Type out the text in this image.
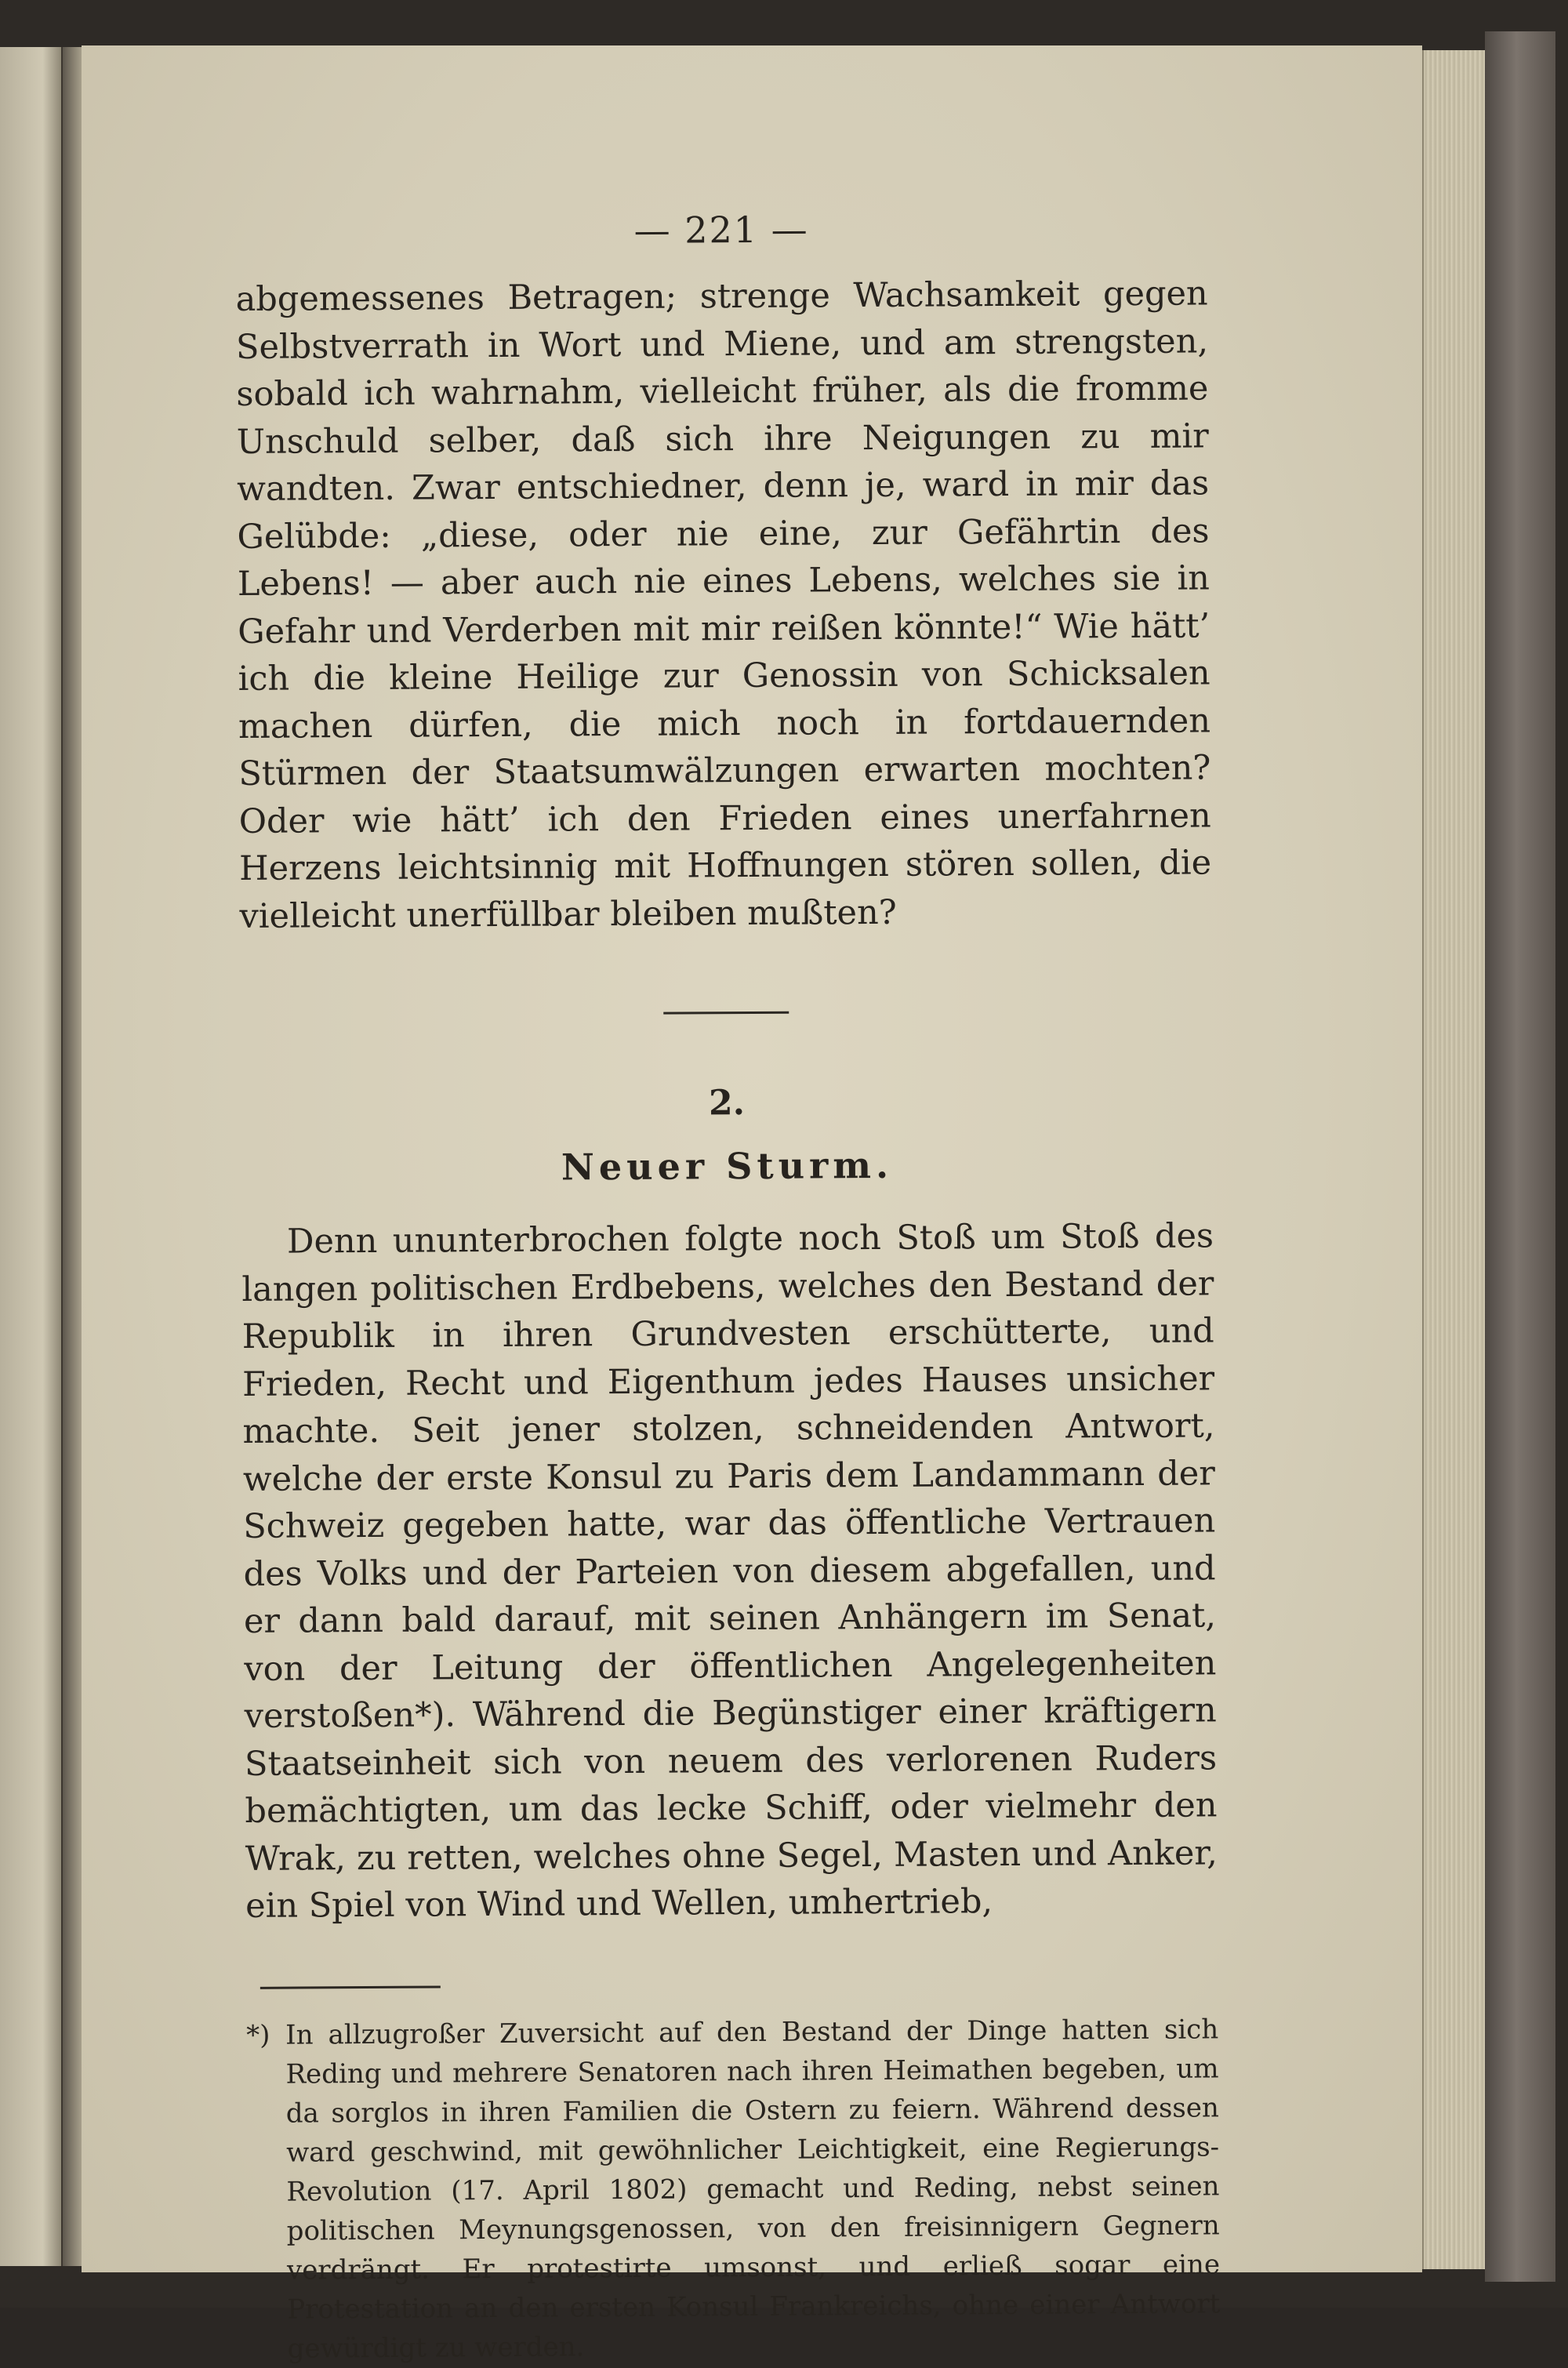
— 221 —

abgemessenes Betragen; strenge Wachsamkeit gegen Selbstverrath in Wort und Miene, und am strengsten, sobald ich wahrnahm, vielleicht früher, als die fromme Unschuld selber, daß sich ihre Neigungen zu mir wandten. Zwar entschiedner, denn je, ward in mir das Gelübde: „diese, oder nie eine, zur Gefährtin des Lebens! — aber auch nie eines Lebens, welches sie in Gefahr und Verderben mit mir reißen könnte!“ Wie hätt’ ich die kleine Heilige zur Genossin von Schicksalen machen dürfen, die mich noch in fortdauernden Stürmen der Staatsumwälzungen erwarten mochten? Oder wie hätt’ ich den Frieden eines unerfahrnen Herzens leichtsinnig mit Hoffnungen stören sollen, die vielleicht unerfüllbar bleiben mußten?

2.
Neuer Sturm.

Denn ununterbrochen folgte noch Stoß um Stoß des langen politischen Erdbebens, welches den Bestand der Republik in ihren Grundvesten erschütterte, und Frieden, Recht und Eigenthum jedes Hauses unsicher machte. Seit jener stolzen, schneidenden Antwort, welche der erste Konsul zu Paris dem Landammann der Schweiz gegeben hatte, war das öffentliche Vertrauen des Volks und der Parteien von diesem abgefallen, und er dann bald darauf, mit seinen Anhängern im Senat, von der Leitung der öffentlichen Angelegenheiten verstoßen*). Während die Begünstiger einer kräftigern Staatseinheit sich von neuem des verlorenen Ruders bemächtigten, um das lecke Schiff, oder vielmehr den Wrak, zu retten, welches ohne Segel, Masten und Anker, ein Spiel von Wind und Wellen, umhertrieb,

*) In allzugroßer Zuversicht auf den Bestand der Dinge hatten sich Reding und mehrere Senatoren nach ihren Heimathen begeben, um da sorglos in ihren Familien die Ostern zu feiern. Während dessen ward geschwind, mit gewöhnlicher Leichtigkeit, eine Regierungs-Revolution (17. April 1802) gemacht und Reding, nebst seinen politischen Meynungsgenossen, von den freisinnigern Gegnern verdrängt. Er protestirte umsonst, und erließ sogar eine Protestation an den ersten Konsul Frankreichs, ohne einer Antwort gewürdigt zu werden.
